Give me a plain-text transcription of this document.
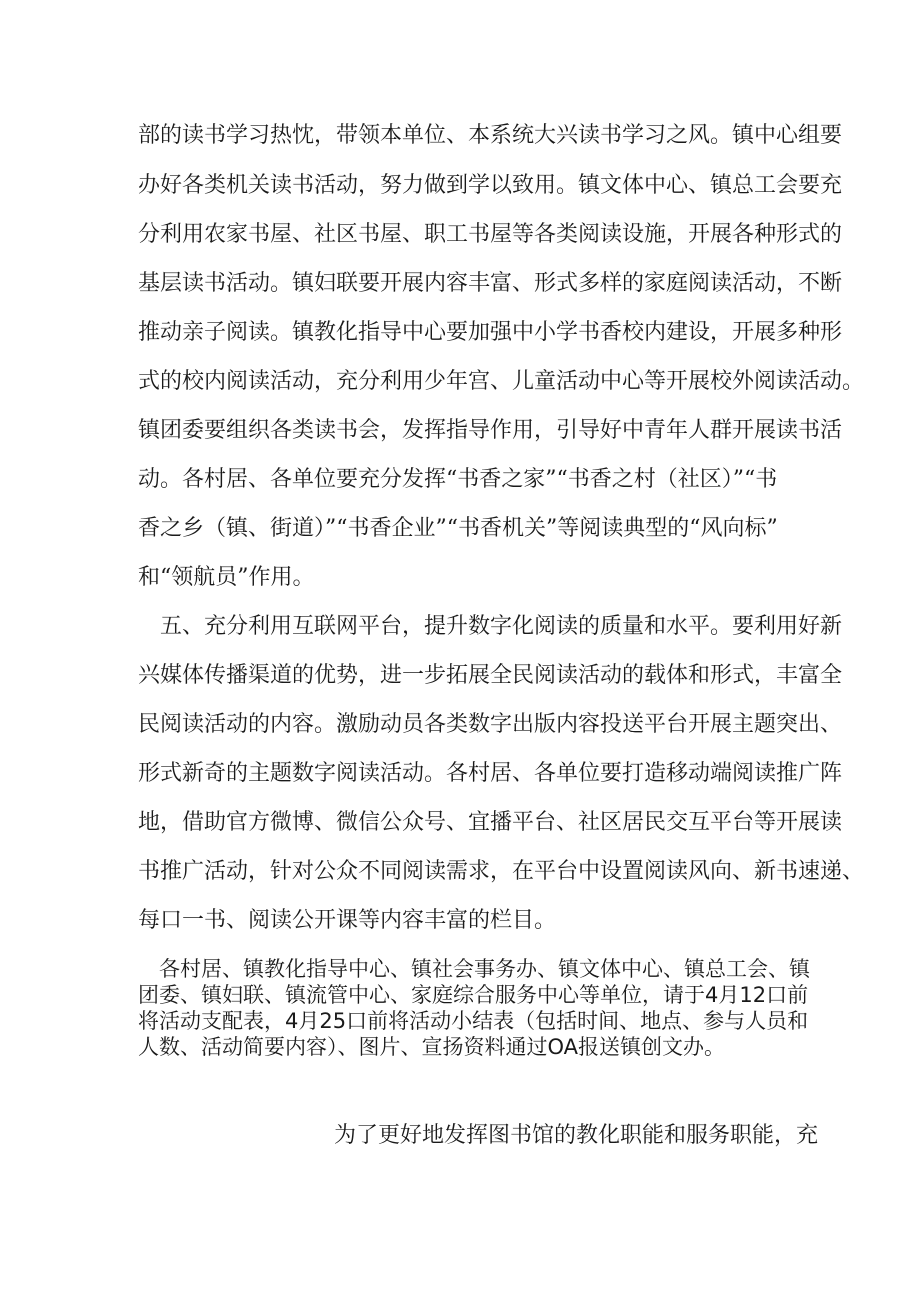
部的读书学习热忱，带领本单位、本系统大兴读书学习之风。镇中心组要
办好各类机关读书活动，努力做到学以致用。镇文体中心、镇总工会要充
分利用农家书屋、社区书屋、职工书屋等各类阅读设施，开展各种形式的
基层读书活动。镇妇联要开展内容丰富、形式多样的家庭阅读活动，不断
推动亲子阅读。镇教化指导中心要加强中小学书香校内建设，开展多种形
式的校内阅读活动，充分利用少年宫、儿童活动中心等开展校外阅读活动。
镇团委要组织各类读书会，发挥指导作用，引导好中青年人群开展读书活
动。各村居、各单位要充分发挥“书香之家”“书香之村（社区）”“书
香之乡（镇、街道）”“书香企业”“书香机关”等阅读典型的“风向标”
和“领航员”作用。
　五、充分利用互联网平台，提升数字化阅读的质量和水平。要利用好新
兴媒体传播渠道的优势，进一步拓展全民阅读活动的载体和形式，丰富全
民阅读活动的内容。激励动员各类数字出版内容投送平台开展主题突出、
形式新奇的主题数字阅读活动。各村居、各单位要打造移动端阅读推广阵
地，借助官方微博、微信公众号、宜播平台、社区居民交互平台等开展读
书推广活动，针对公众不同阅读需求，在平台中设置阅读风向、新书速递、
每口一书、阅读公开课等内容丰富的栏目。
　各村居、镇教化指导中心、镇社会事务办、镇文体中心、镇总工会、镇
团委、镇妇联、镇流管中心、家庭综合服务中心等单位，请于4月12口前
将活动支配表，4月25口前将活动小结表（包括时间、地点、参与人员和
人数、活动简要内容）、图片、宣扬资料通过OA报送镇创文办。
为了更好地发挥图书馆的教化职能和服务职能，充
